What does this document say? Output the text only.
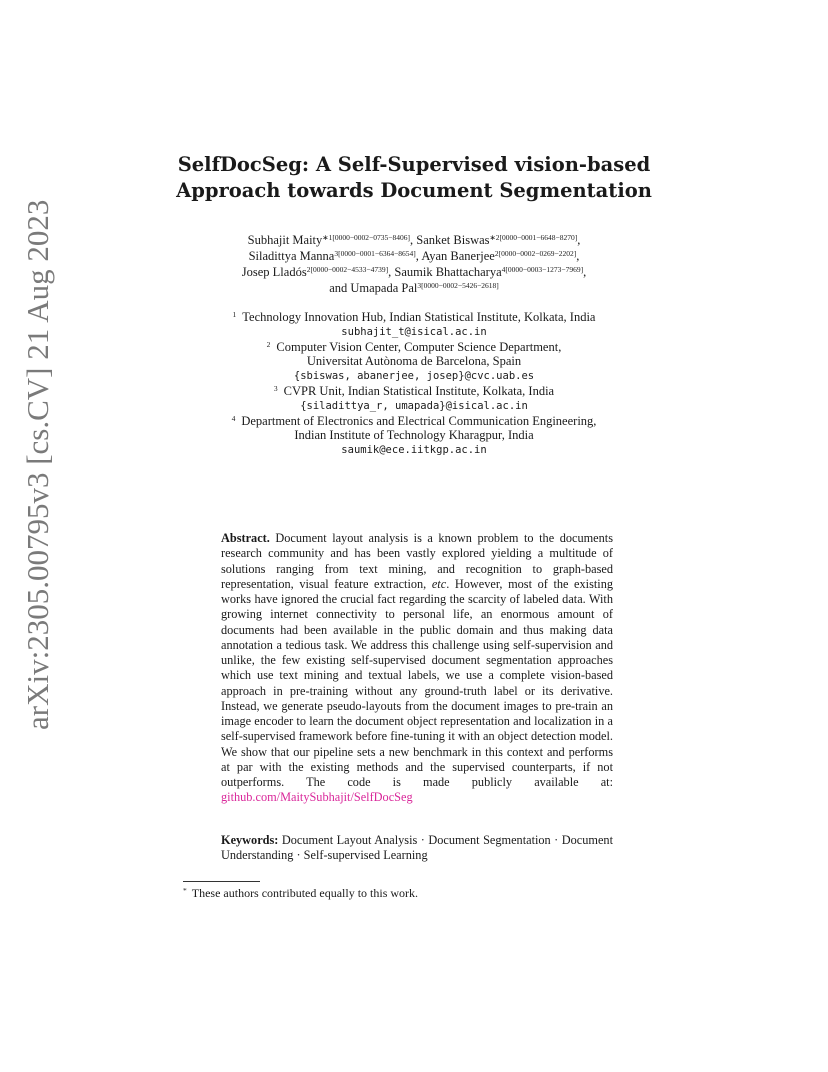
arXiv:2305.00795v3 [cs.CV] 21 Aug 2023
SelfDocSeg: A Self-Supervised vision-based
Approach towards Document Segmentation
Subhajit Maity$^{∗1[0000-0002-0735-8406]}$, Sanket Biswas$^{∗2[0000-0001-6648-8270]}$,
Siladittya Manna$^{3[0000-0001-6364-8654]}$, Ayan Banerjee$^{2[0000-0002-0269-2202]}$,
Josep Lladós$^{2[0000-0002-4533-4739]}$, Saumik Bhattacharya$^{4[0000-0003-1273-7969]}$,
and Umapada Pal$^{3[0000-0002-5426-2618]}$
$^1$ Technology Innovation Hub, Indian Statistical Institute, Kolkata, India
subhajit_t@isical.ac.in
$^2$ Computer Vision Center, Computer Science Department,
Universitat Autònoma de Barcelona, Spain
{sbiswas, abanerjee, josep}@cvc.uab.es
$^3$ CVPR Unit, Indian Statistical Institute, Kolkata, India
{siladittya_r, umapada}@isical.ac.in
$^4$ Department of Electronics and Electrical Communication Engineering,
Indian Institute of Technology Kharagpur, India
saumik@ece.iitkgp.ac.in
Abstract. Document layout analysis is a known problem to the documents research community and has been vastly explored yielding a multitude of solutions ranging from text mining, and recognition to graph-based representation, visual feature extraction, etc. However, most of the existing works have ignored the crucial fact regarding the scarcity of labeled data. With growing internet connectivity to personal life, an enormous amount of documents had been available in the public domain and thus making data annotation a tedious task. We address this challenge using self-supervision and unlike, the few existing self-supervised document segmentation approaches which use text mining and textual labels, we use a complete vision-based approach in pre-training without any ground-truth label or its derivative. Instead, we generate pseudo-layouts from the document images to pre-train an image encoder to learn the document object representation and localization in a self-supervised framework before fine-tuning it with an object detection model. We show that our pipeline sets a new benchmark in this context and performs at par with the existing methods and the supervised counterparts, if not outperforms. The code is made publicly available at: github.com/MaitySubhajit/SelfDocSeg
Keywords: Document Layout Analysis · Document Segmentation · Document Understanding · Self-supervised Learning
* These authors contributed equally to this work.
